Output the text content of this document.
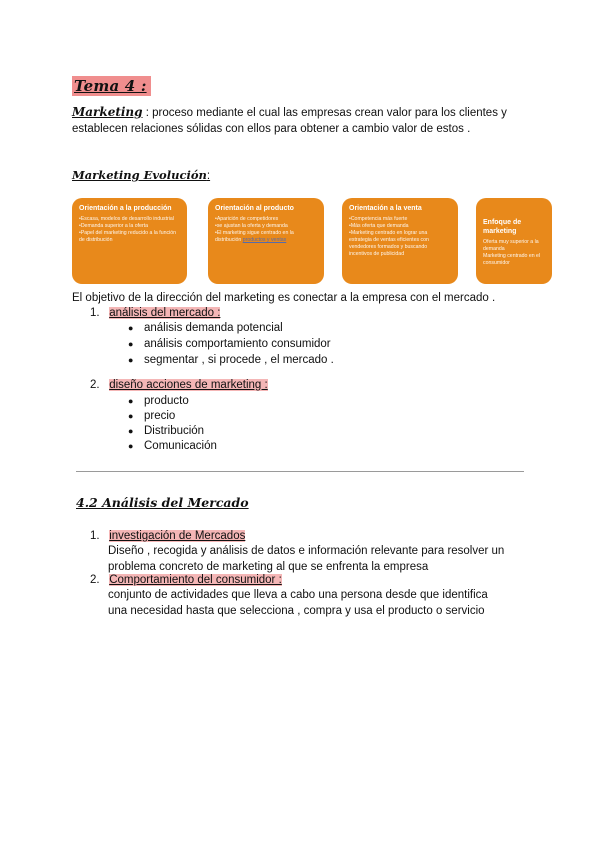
Tema 4 :
Marketing : proceso mediante el cual las empresas crean valor para los clientes y establecen relaciones sólidas con ellos para obtener a cambio valor de estos .
Marketing Evolución:
Orientación a la producción
•Escasa, modelos de desarrollo industrial
•Demanda superior a la oferta
•Papel del marketing reducido a la función de distribución
Orientación al producto
•Aparición de competidores
•se ajustan la oferta y demanda
•El marketing sigue centrado en la distribución productos y ventas
Orientación a la venta
•Competencia más fuerte
•Más oferta que demanda
•Marketing centrado en lograr una estrategia de ventas eficientes con vendedores formados y buscando incentivos de publicidad
Enfoque de marketing
Oferta muy superior a la demanda
Marketing centrado en el consumidor
El objetivo de la dirección del marketing es conectar a la empresa con el mercado .
1. análisis del mercado :
● análisis demanda potencial
● análisis comportamiento consumidor
● segmentar , si procede , el mercado .
2. diseño acciones de marketing :
● producto
● precio
● Distribución
● Comunicación
4.2 Análisis del Mercado
1. investigación de Mercados
Diseño , recogida y análisis de datos e información relevante para resolver un problema concreto de marketing al que se enfrenta la empresa
2. Comportamiento del consumidor :
conjunto de actividades que lleva a cabo una persona desde que identifica una necesidad hasta que selecciona , compra y usa el producto o servicio
